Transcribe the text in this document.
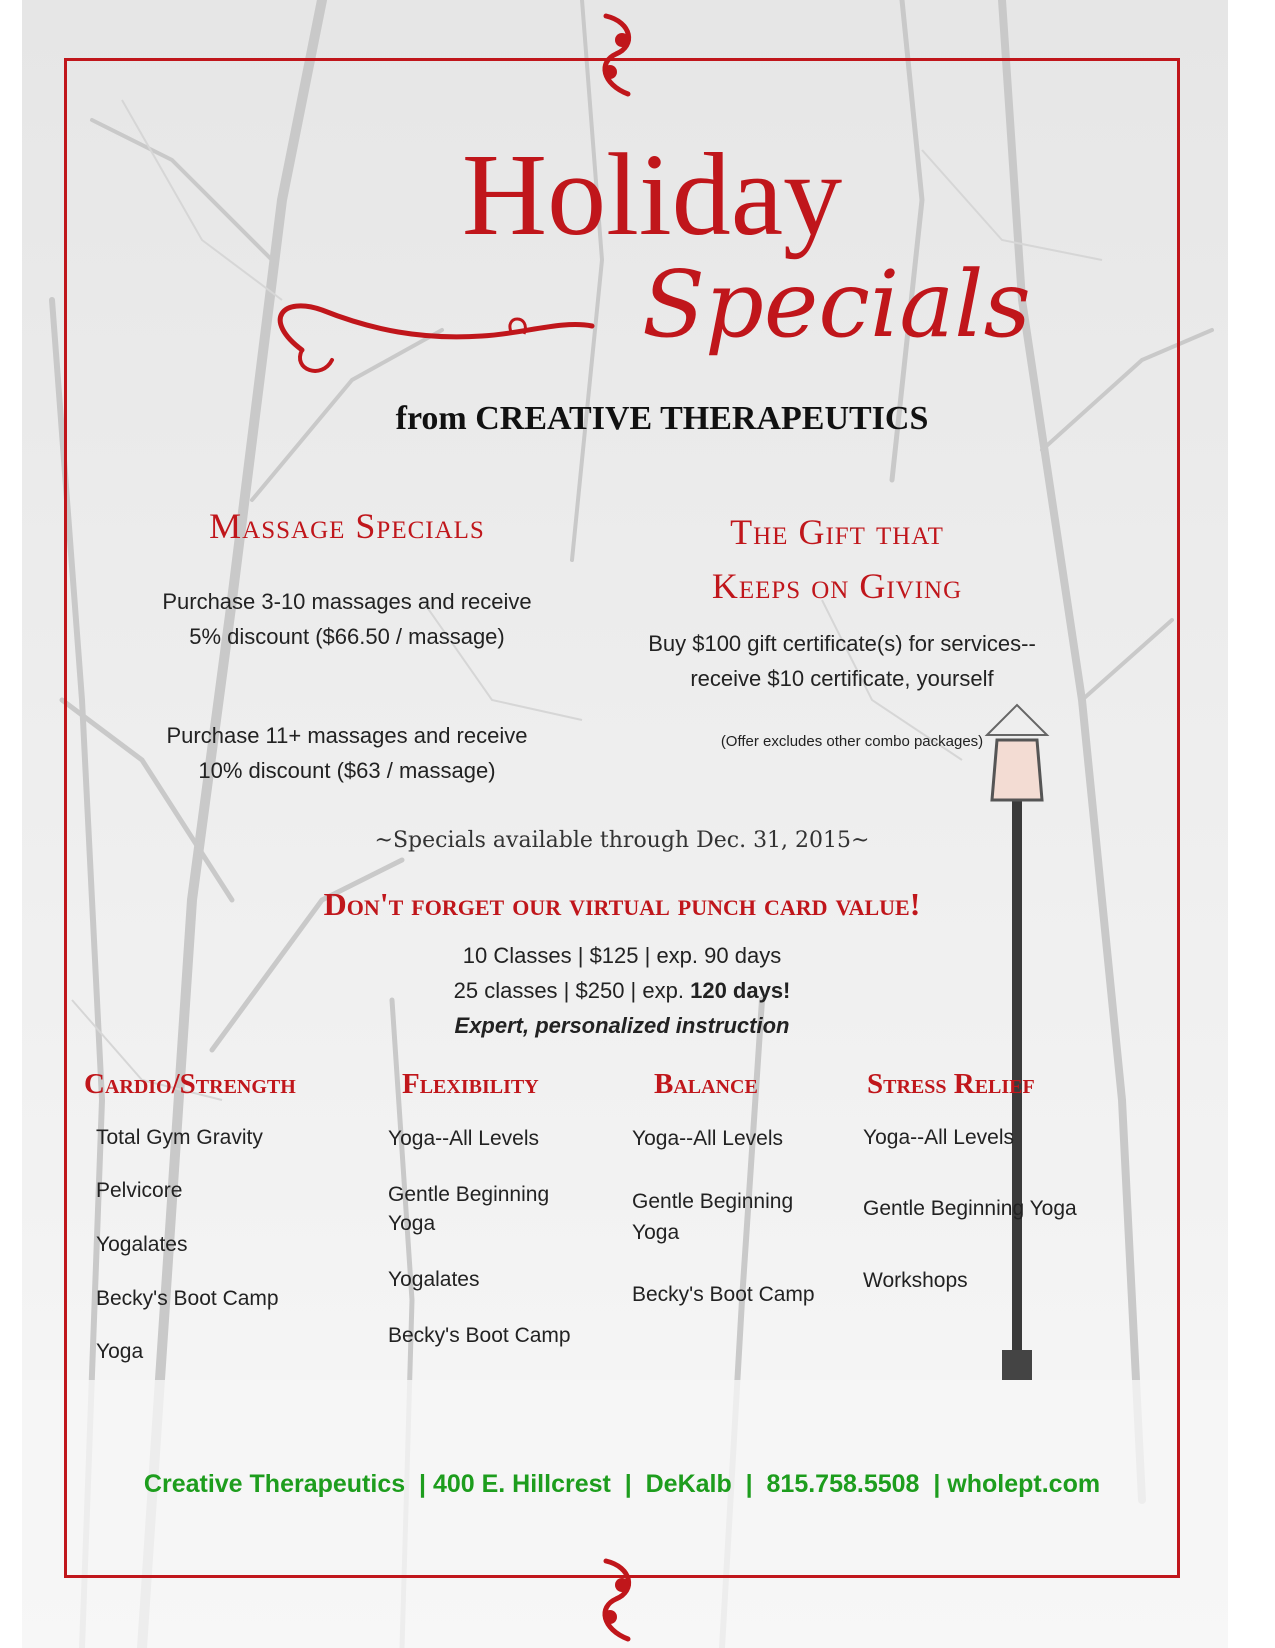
Holiday
Specials
from CREATIVE THERAPEUTICS
Massage Specials
Purchase 3-10 massages and receive
5% discount ($66.50 / massage)
Purchase 11+ massages and receive
10% discount ($63 / massage)
The Gift that
Keeps on Giving
Buy $100 gift certificate(s) for services--
receive $10 certificate, yourself
(Offer excludes other combo packages)
~Specials available through Dec. 31, 2015~
Don't forget our virtual punch card value!
10 Classes | $125 | exp. 90 days
25 classes | $250 | exp. 120 days!
Expert, personalized instruction
Cardio/Strength
Total Gym Gravity
Pelvicore
Yogalates
Becky's Boot Camp
Yoga
Flexibility
Yoga--All Levels
Gentle Beginning
Yoga
Yogalates
Becky's Boot Camp
Balance
Yoga--All Levels
Gentle Beginning
Yoga
Becky's Boot Camp
Stress Relief
Yoga--All Levels
Gentle Beginning Yoga
Workshops
Creative Therapeutics  | 400 E. Hillcrest  |  DeKalb  |  815.758.5508  | wholept.com
